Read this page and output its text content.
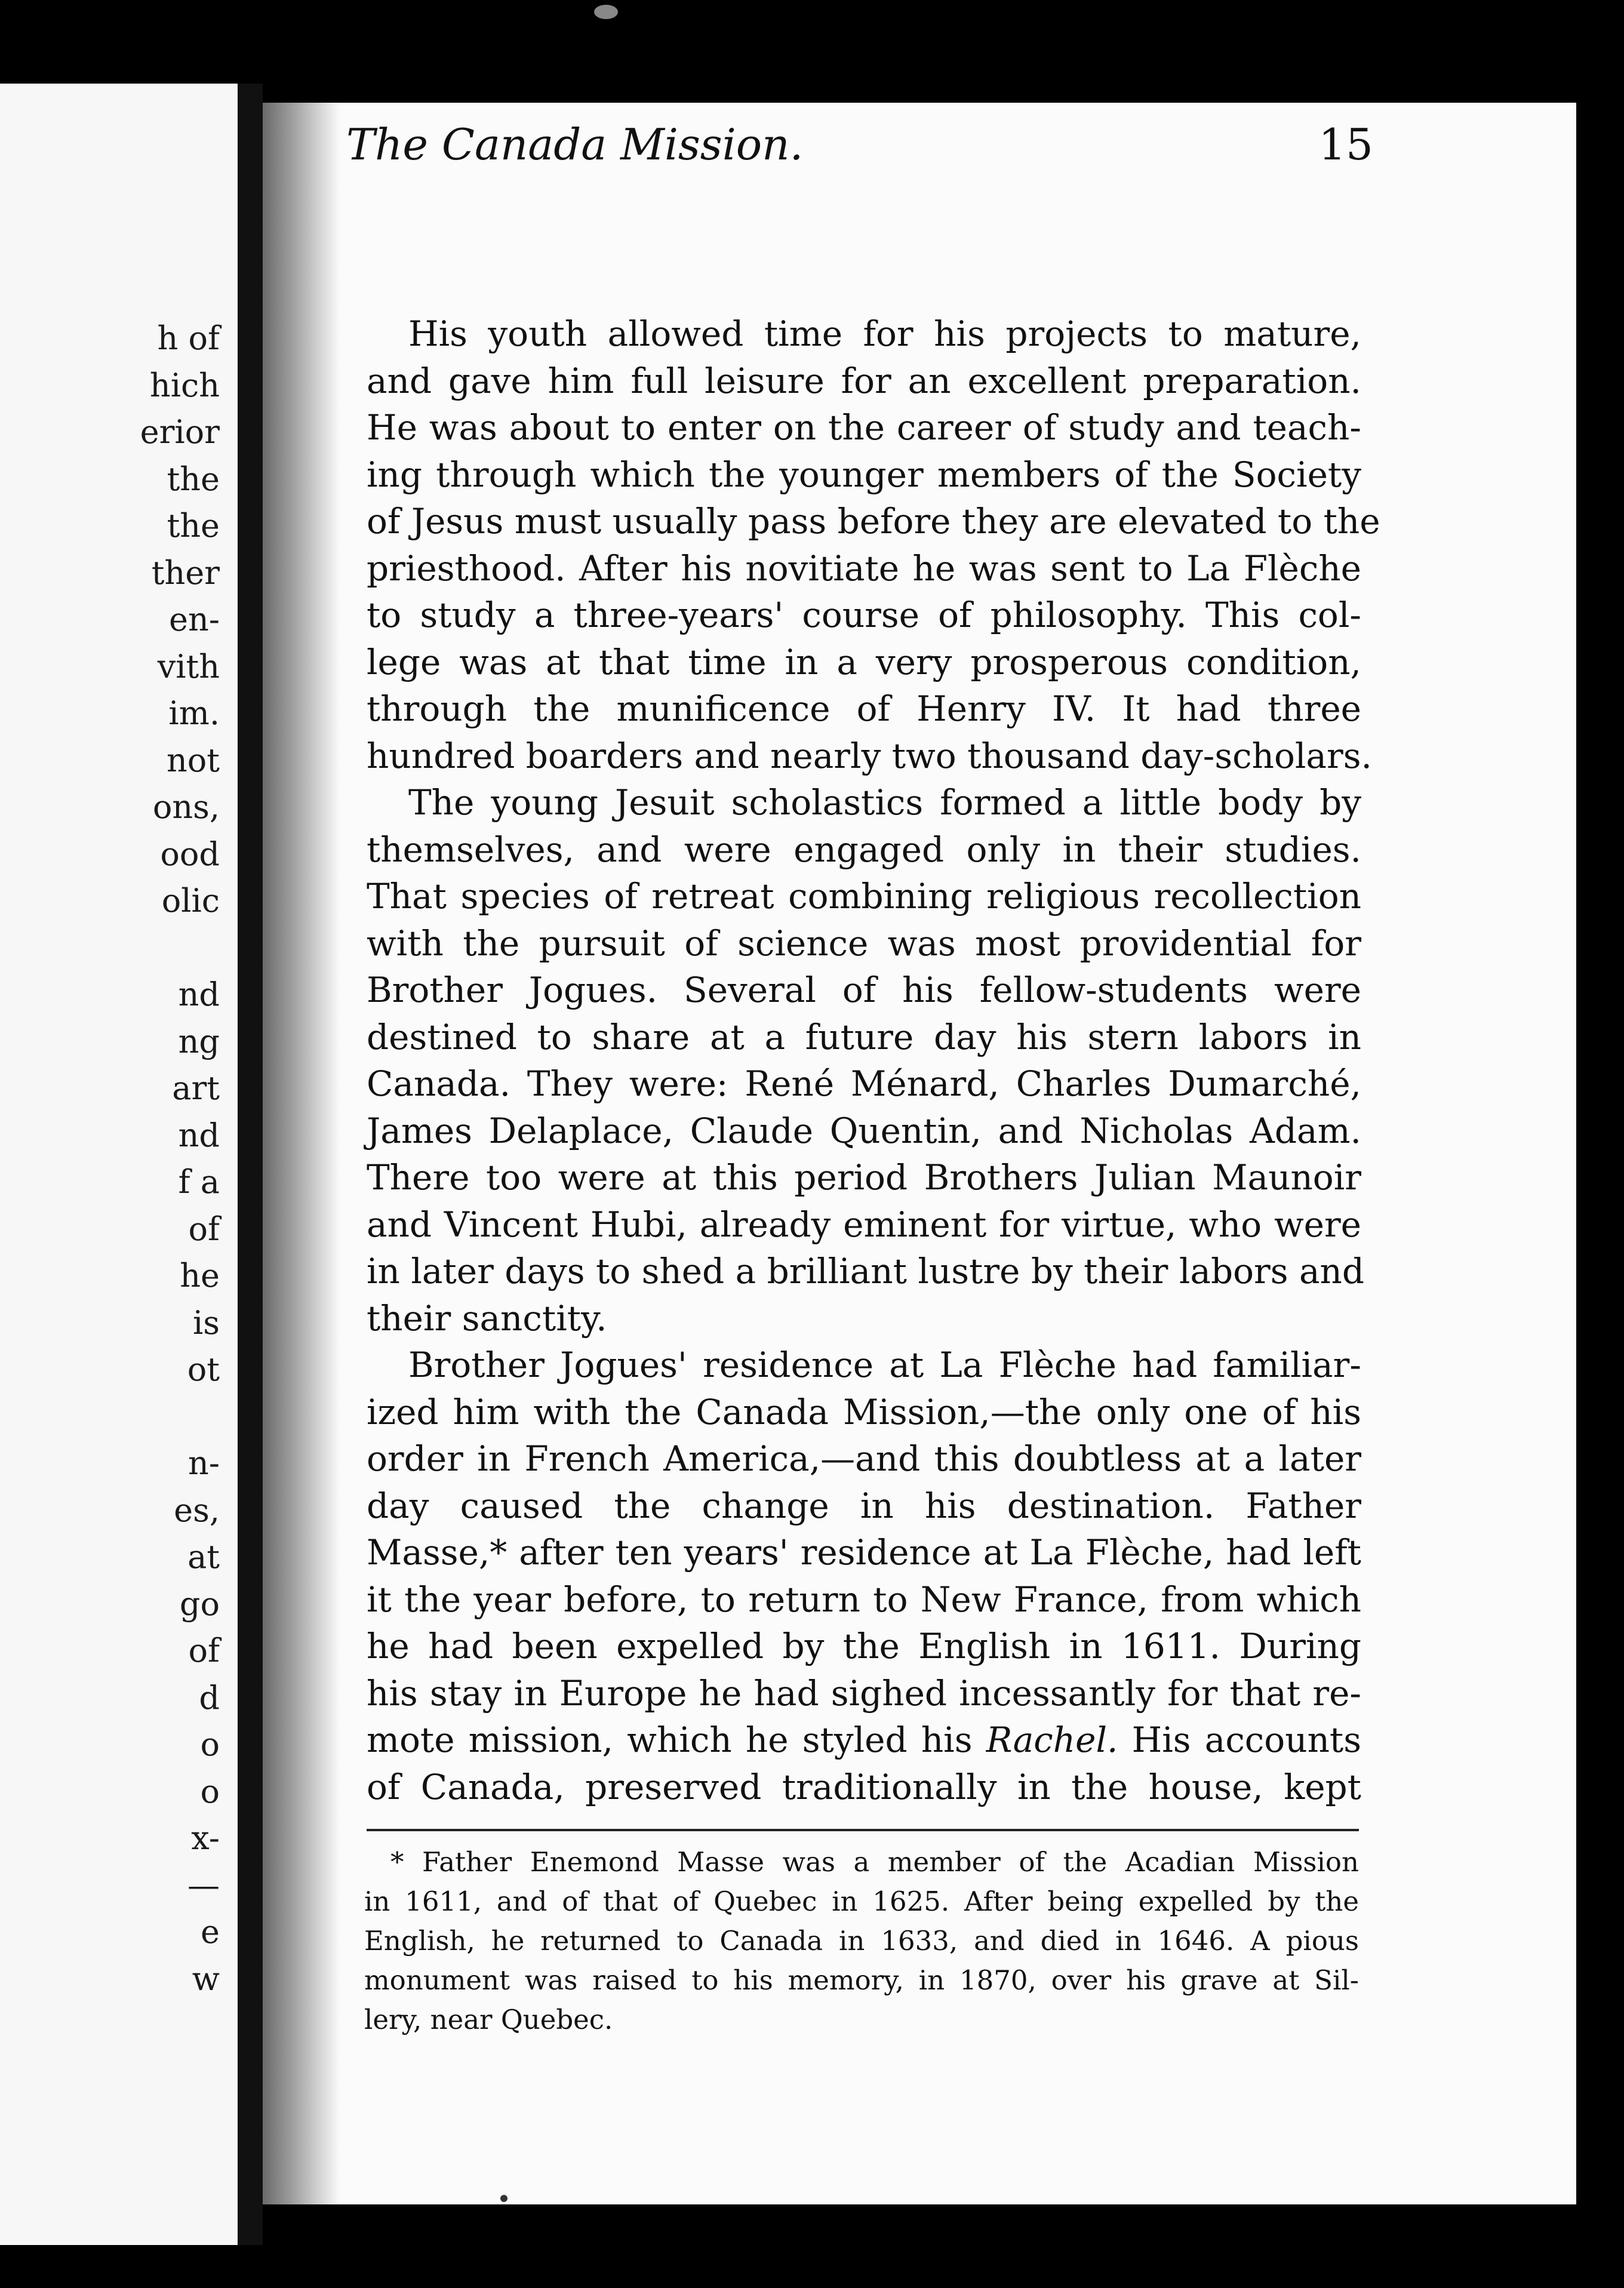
h of
hich
erior
the
the
ther
en-
vith
im.
not
ons,
ood
olic
nd
ng
art
nd
f a
of
he
is
ot
n-
es,
at
go
of
d
o
o
x-
—
e
w
The Canada Mission.	15
His youth allowed time for his projects to mature,
and gave him full leisure for an excellent preparation.
He was about to enter on the career of study and teach-
ing through which the younger members of the Society
of Jesus must usually pass before they are elevated to the
priesthood. After his novitiate he was sent to La Flèche
to study a three-years' course of philosophy. This col-
lege was at that time in a very prosperous condition,
through the munificence of Henry IV. It had three
hundred boarders and nearly two thousand day-scholars.
The young Jesuit scholastics formed a little body by
themselves, and were engaged only in their studies.
That species of retreat combining religious recollection
with the pursuit of science was most providential for
Brother Jogues. Several of his fellow-students were
destined to share at a future day his stern labors in
Canada. They were: René Ménard, Charles Dumarché,
James Delaplace, Claude Quentin, and Nicholas Adam.
There too were at this period Brothers Julian Maunoir
and Vincent Hubi, already eminent for virtue, who were
in later days to shed a brilliant lustre by their labors and
their sanctity.
Brother Jogues' residence at La Flèche had familiar-
ized him with the Canada Mission,—the only one of his
order in French America,—and this doubtless at a later
day caused the change in his destination. Father
Masse,* after ten years' residence at La Flèche, had left
it the year before, to return to New France, from which
he had been expelled by the English in 1611. During
his stay in Europe he had sighed incessantly for that re-
mote mission, which he styled his Rachel. His accounts
of Canada, preserved traditionally in the house, kept
* Father Enemond Masse was a member of the Acadian Mission
in 1611, and of that of Quebec in 1625. After being expelled by the
English, he returned to Canada in 1633, and died in 1646. A pious
monument was raised to his memory, in 1870, over his grave at Sil-
lery, near Quebec.
